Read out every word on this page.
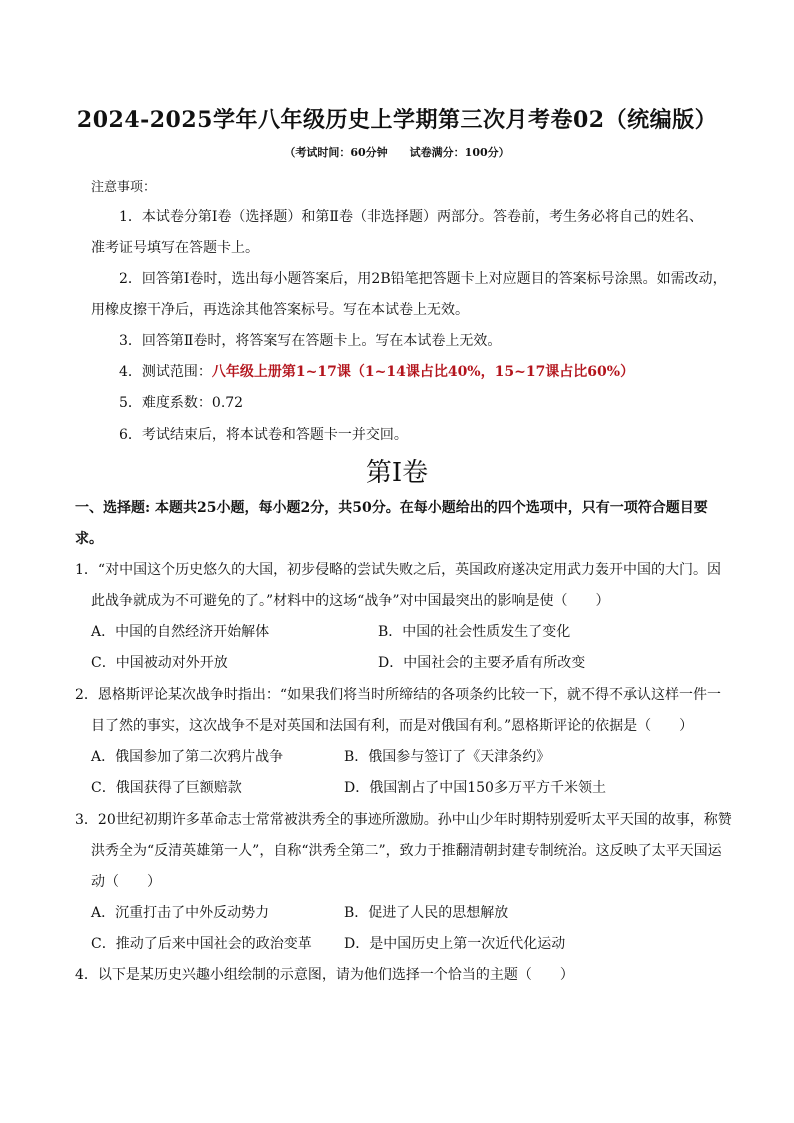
2024-2025学年八年级历史上学期第三次月考卷02（统编版）
（考试时间：60分钟　　试卷满分：100分）
注意事项：
1．本试卷分第Ⅰ卷（选择题）和第Ⅱ卷（非选择题）两部分。答卷前，考生务必将自己的姓名、
准考证号填写在答题卡上。
2．回答第Ⅰ卷时，选出每小题答案后，用2B铅笔把答题卡上对应题目的答案标号涂黑。如需改动，
用橡皮擦干净后，再选涂其他答案标号。写在本试卷上无效。
3．回答第Ⅱ卷时，将答案写在答题卡上。写在本试卷上无效。
4．测试范围：八年级上册第1~17课（1~14课占比40%，15~17课占比60%）
5．难度系数：0.72
6．考试结束后，将本试卷和答题卡一并交回。
第Ⅰ卷
一、选择题: 本题共25小题，每小题2分，共50分。在每小题给出的四个选项中，只有一项符合题目要
求。
1．“对中国这个历史悠久的大国，初步侵略的尝试失败之后，英国政府遂决定用武力轰开中国的大门。因
此战争就成为不可避免的了。”材料中的这场“战争”对中国最突出的影响是使（　　）
A．中国的自然经济开始解体	B．中国的社会性质发生了变化
C．中国被动对外开放	D．中国社会的主要矛盾有所改变
2．恩格斯评论某次战争时指出：“如果我们将当时所缔结的各项条约比较一下，就不得不承认这样一件一
目了然的事实，这次战争不是对英国和法国有利，而是对俄国有利。”恩格斯评论的依据是（　　）
A．俄国参加了第二次鸦片战争	B．俄国参与签订了《天津条约》
C．俄国获得了巨额赔款	D．俄国割占了中国150多万平方千米领土
3．20世纪初期许多革命志士常常被洪秀全的事迹所激励。孙中山少年时期特别爱听太平天国的故事，称赞
洪秀全为“反清英雄第一人”，自称“洪秀全第二”，致力于推翻清朝封建专制统治。这反映了太平天国运
动（　　）
A．沉重打击了中外反动势力	B．促进了人民的思想解放
C．推动了后来中国社会的政治变革 D．是中国历史上第一次近代化运动
4．以下是某历史兴趣小组绘制的示意图，请为他们选择一个恰当的主题（　　）
